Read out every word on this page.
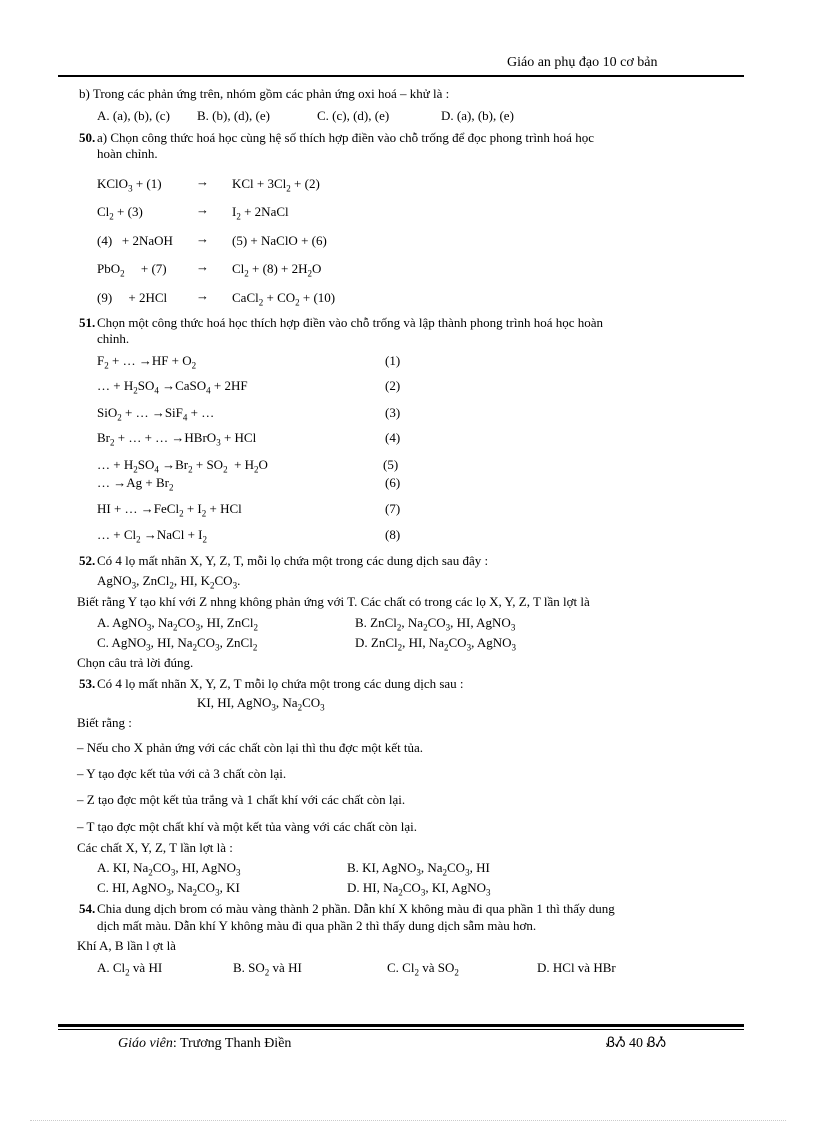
Giáo an phụ đạo 10 cơ bản
b) Trong các phản ứng trên, nhóm gồm các phản ứng oxi hoá – khử là :
A. (a), (b), (c) B. (b), (d), (e)	C. (c), (d), (e)	D. (a), (b), (e)
50. a) Chọn công thức hoá học cùng hệ số thích hợp điền vào chỗ trống để đọc phong trình hoá học
hoàn chỉnh.
KClO$_3$ + (1)	→ KCl + $3Cl_2 + (2)$
$Cl_2 + (3)$	→ $I_2$ + 2NaCl
(4)   + 2NaOH → (5) + NaClO + (6)
PbO$_2$     + $(7) \to Cl_2 + (8) + 2H_2O$
(9)     + 2HCl → CaCl$_2$ + $CO_2 + (10)$
51. Chọn một công thức hoá học thích hợp điền vào chỗ trống và lập thành phong trình hoá học hoàn
chỉnh.
$F_2$ + … $\to HF + O_2$	(1)
… + $H_2SO_4$ →CaSO$_4$ + 2HF	(2)
SiO$_2$ + … →SiF$_4$ + …	(3)
$Br_2$ + … + … →HBrO$_3$ + HCl	(4)
… + $H_2SO_4 \to Br_2 + SO_2 + H_2O$	(5)
… $\to Ag + Br_2$	(6)
HI + … →FeCl$_2$ + $I_2$ + HCl	(7)
… + $Cl_2$ →NaCl + $I_2$	(8)
52. Có 4 lọ mất nhãn X, Y, Z, T, mỗi lọ chứa một trong các dung dịch sau đây :
AgNO$_3$, ZnCl$_2$, HI, $K_2CO_3$.
Biết rằng Y tạo khí với Z nhng không phản ứng với T. Các chất có trong các lọ X, Y, Z, T lần lợt là
A. AgNO$_3$, $Na_2CO_3$, HI, ZnCl$_2$	B. ZnCl$_2$, $Na_2CO_3$, HI, AgNO$_3$
C. AgNO$_3$, HI, $Na_2CO_3$, ZnCl$_2$	D. ZnCl$_2$, HI, $Na_2CO_3$, AgNO$_3$
Chọn câu trả lời đúng.
53. Có 4 lọ mất nhãn X, Y, Z, T mỗi lọ chứa một trong các dung dịch sau :
KI, HI, AgNO$_3$, $Na_2CO_3$
Biết rằng :
– Nếu cho X phản ứng với các chất còn lại thì thu đợc một kết tủa.
– Y tạo đợc kết tủa với cả 3 chất còn lại.
– Z tạo đợc một kết tủa trắng và 1 chất khí với các chất còn lại.
– T tạo đợc một chất khí và một kết tủa vàng với các chất còn lại.
Các chất X, Y, Z, T lần lợt là :
A. KI, $Na_2CO_3$, HI, AgNO$_3$	B. KI, AgNO$_3$, $Na_2CO_3$, HI
C. HI, AgNO$_3$, $Na_2CO_3$, KI	D. HI, $Na_2CO_3$, KI, AgNO$_3$
54. Chia dung dịch brom có màu vàng thành 2 phần. Dẫn khí X không màu đi qua phần 1 thì thấy dung
dịch mất màu. Dẫn khí Y không màu đi qua phần 2 thì thấy dung dịch sẫm màu hơn.
Khí A, B lần l ợt là
A. $Cl_2$ và HI	B. $SO_2$ và HI	C. $Cl_2$ và $SO_2$	D. HCl và HBr
Giáo viên: Trương Thanh Điền	ᏰᏱ 40 ᏰᏱ
